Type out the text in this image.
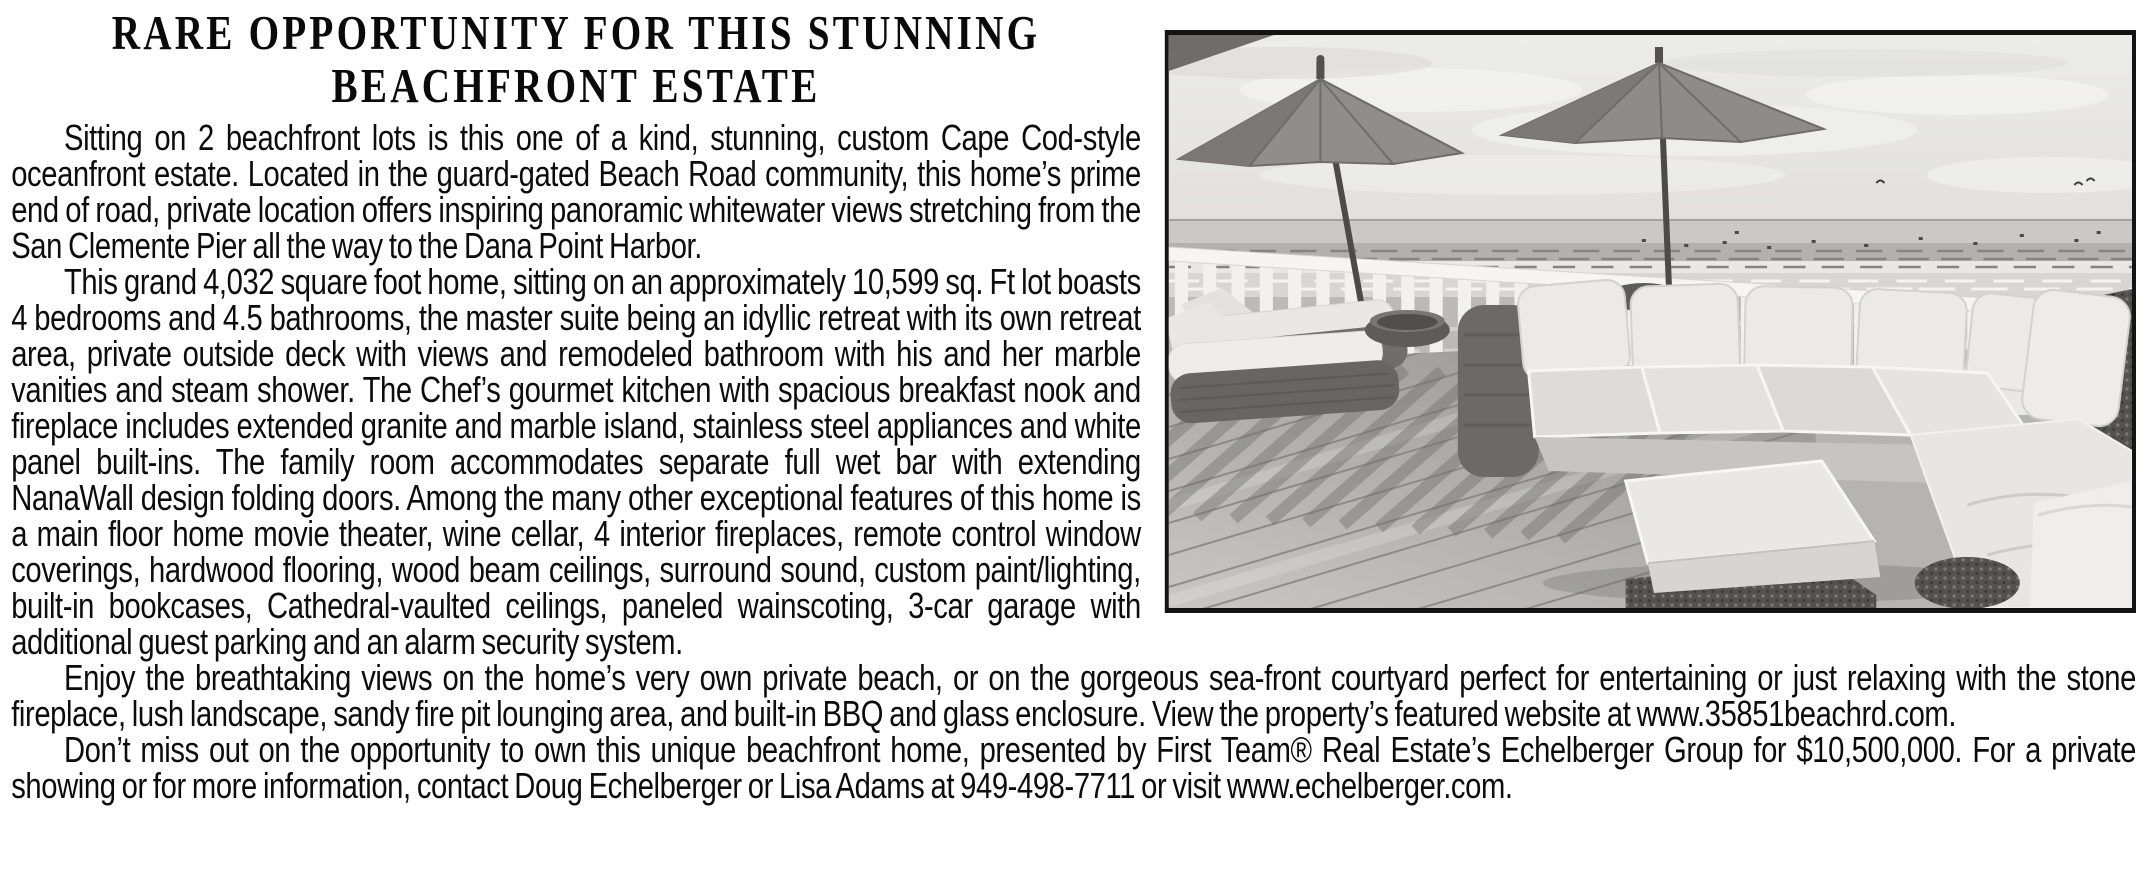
RARE OPPORTUNITY FOR THIS STUNNING
BEACHFRONT ESTATE

Sitting on 2 beachfront lots is this one of a kind, stunning, custom Cape Cod-style oceanfront estate. Located in the guard-gated Beach Road community, this home’s prime end of road, private location offers inspiring panoramic whitewater views stretching from the San Clemente Pier all the way to the Dana Point Harbor.

This grand 4,032 square foot home, sitting on an approximately 10,599 sq. Ft lot boasts 4 bedrooms and 4.5 bathrooms, the master suite being an idyllic retreat with its own retreat area, private outside deck with views and remodeled bathroom with his and her marble vanities and steam shower. The Chef’s gourmet kitchen with spacious breakfast nook and fireplace includes extended granite and marble island, stainless steel appliances and white panel built-ins. The family room accommodates separate full wet bar with extending NanaWall design folding doors. Among the many other exceptional features of this home is a main floor home movie theater, wine cellar, 4 interior fireplaces, remote control window coverings, hardwood flooring, wood beam ceilings, surround sound, custom paint/lighting, built-in bookcases, Cathedral-vaulted ceilings, paneled wainscoting, 3-car garage with additional guest parking and an alarm security system.

Enjoy the breathtaking views on the home’s very own private beach, or on the gorgeous sea-front courtyard perfect for entertaining or just relaxing with the stone fireplace, lush landscape, sandy fire pit lounging area, and built-in BBQ and glass enclosure. View the property’s featured website at www.35851beachrd.com.

Don’t miss out on the opportunity to own this unique beachfront home, presented by First Team® Real Estate’s Echelberger Group for $10,500,000. For a private showing or for more information, contact Doug Echelberger or Lisa Adams at 949-498-7711 or visit www.echelberger.com.
